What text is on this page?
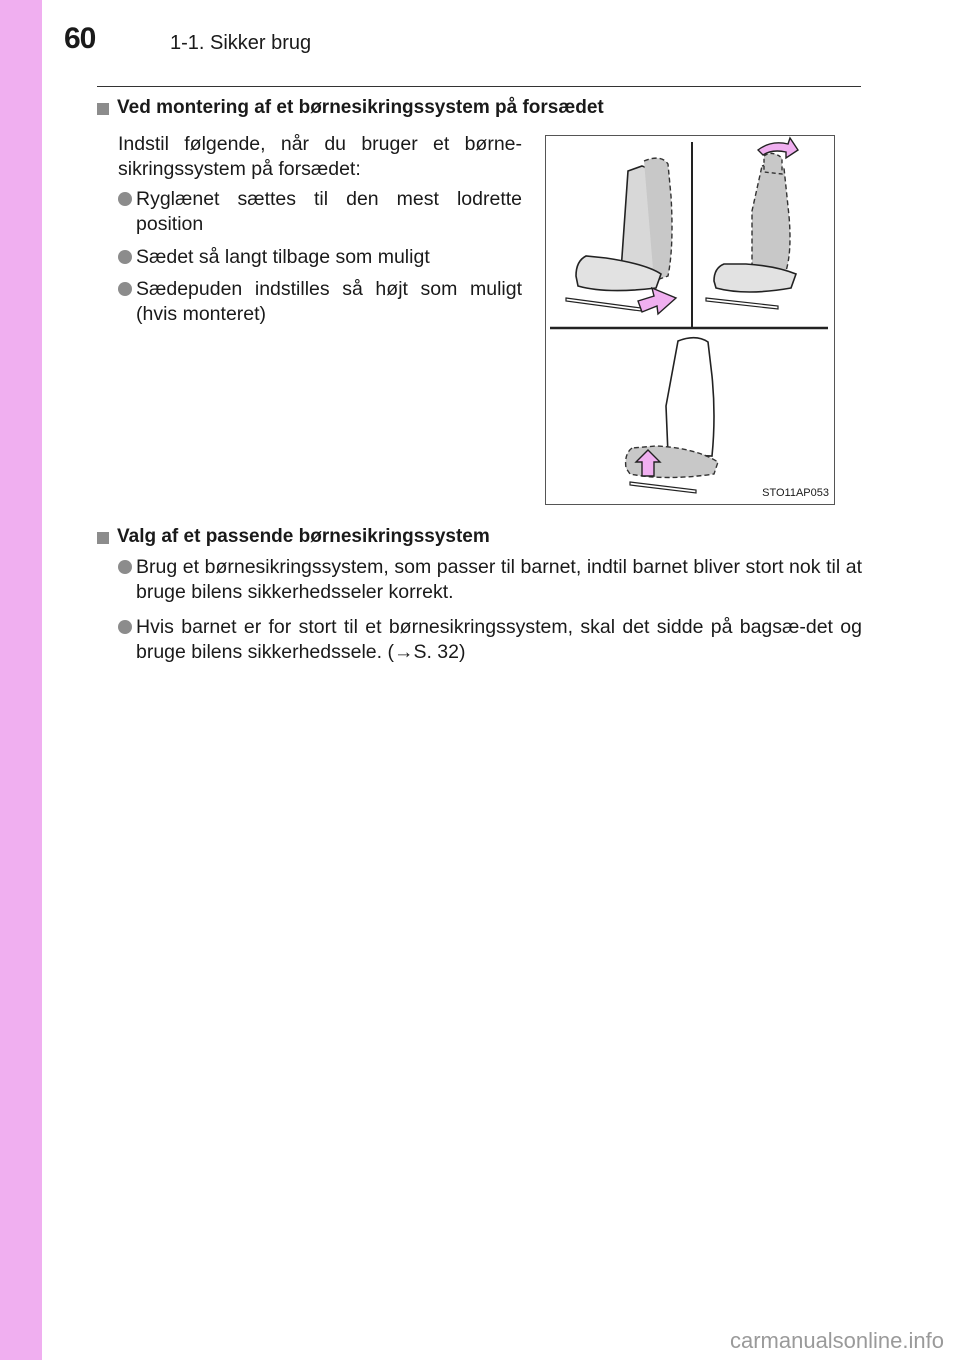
60	1-1. Sikker brug
Ved montering af et børnesikringssystem på forsædet
Indstil følgende, når du bruger et børne-sikringssystem på forsædet:
Ryglænet sættes til den mest lodrette position
Sædet så langt tilbage som muligt
Sædepuden indstilles så højt som muligt (hvis monteret)
STO11AP053
Valg af et passende børnesikringssystem
Brug et børnesikringssystem, som passer til barnet, indtil barnet bliver stort nok til at bruge bilens sikkerhedsseler korrekt.
Hvis barnet er for stort til et børnesikringssystem, skal det sidde på bagsæ-det og bruge bilens sikkerhedssele. (→S. 32)
carmanualsonline.info
